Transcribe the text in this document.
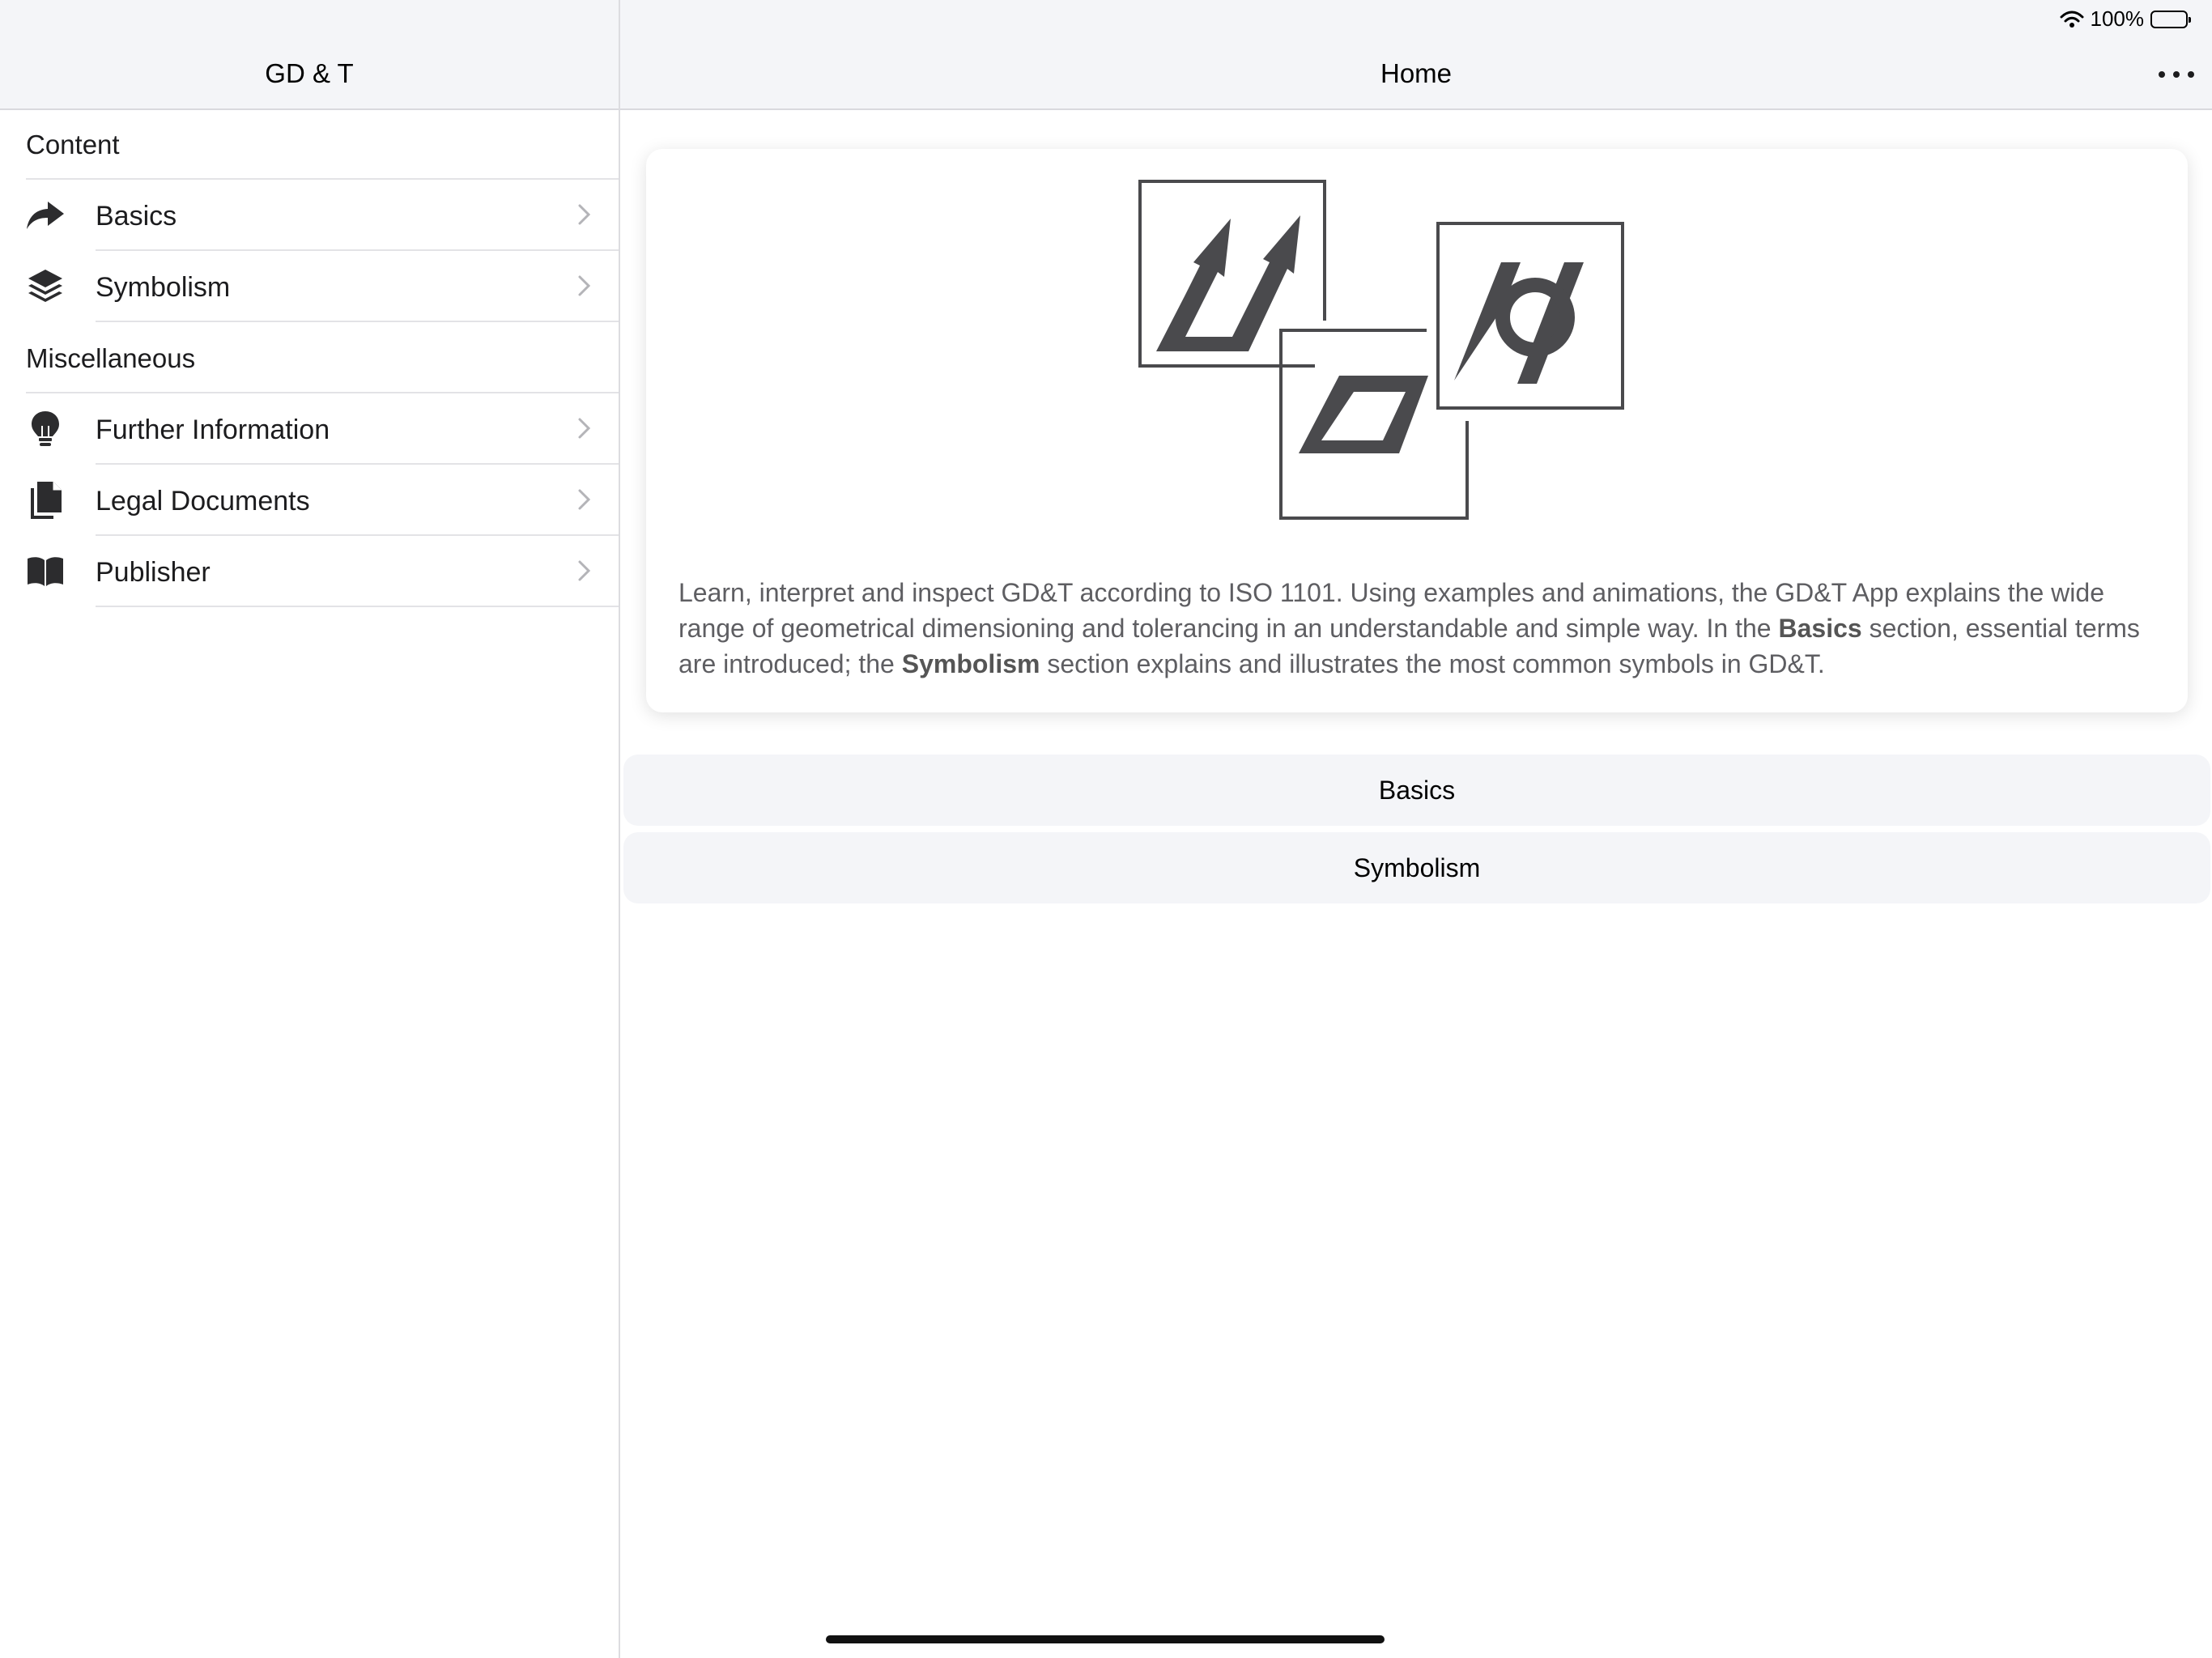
GD & T
Content
Basics
Symbolism
Miscellaneous
Further Information
Legal Documents
Publisher
Home
Learn, interpret and inspect GD&T according to ISO 1101. Using examples and animations, the GD&T App explains the wide range of geometrical dimensioning and tolerancing in an understandable and simple way. In the Basics section, essential terms are introduced; the Symbolism section explains and illustrates the most common symbols in GD&T.
Basics
Symbolism
100%
